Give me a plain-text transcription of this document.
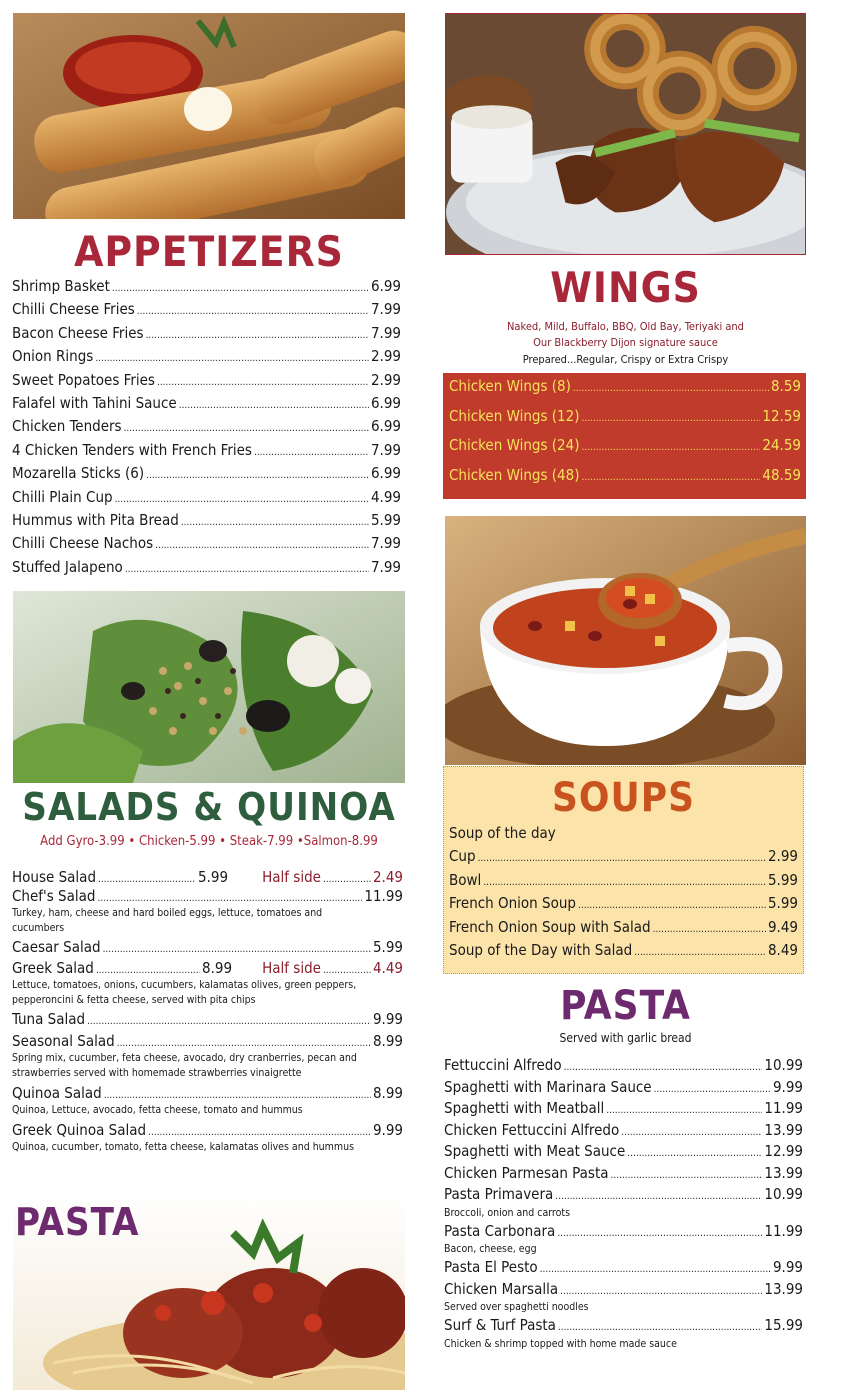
APPETIZERS
Shrimp Basket .....	6.99
Chilli Cheese Fries .....	7.99
Bacon Cheese Fries .....	7.99
Onion Rings .....	2.99
Sweet Popatoes Fries .....	2.99
Falafel with Tahini Sauce .....	6.99
Chicken Tenders .....	6.99
4 Chicken Tenders with French Fries .....	7.99
Mozarella Sticks (6) .....	6.99
Chilli Plain Cup .....	4.99
Hummus with Pita Bread .....	5.99
Chilli Cheese Nachos .....	7.99
Stuffed Jalapeno .....	7.99
SALADS & QUINOA

Add Gyro-3.99 • Chicken-5.99 • Steak-7.99 •Salmon-8.99

House Salad .....	5.99 Half side .....	2.49
Chef's Salad .....	11.99
Turkey, ham, cheese and hard boiled eggs, lettuce, tomatoes and cucumbers
Caesar Salad .....	5.99
Greek Salad .....	8.99 Half side .....	4.49
Lettuce, tomatoes, onions, cucumbers, kalamatas olives, green peppers, pepperoncini & fetta cheese, served with pita chips
Tuna Salad .....	9.99
Seasonal Salad .....	8.99
Spring mix, cucumber, feta cheese, avocado, dry cranberries, pecan and strawberries served with homemade strawberries vinaigrette
Quinoa Salad .....	8.99
Quinoa, Lettuce, avocado, fetta cheese, tomato and hummus
Greek Quinoa Salad .....	9.99
Quinoa, cucumber, tomato, fetta cheese, kalamatas olives and hummus
PASTA
WINGS

Naked, Mild, Buffalo, BBQ, Old Bay, Teriyaki and

Our Blackberry Dijon signature sauce

Prepared...Regular, Crispy or Extra Crispy

Chicken Wings (8) .....	8.59
Chicken Wings (12) .....	12.59
Chicken Wings (24) .....	24.59
Chicken Wings (48) .....	48.59
SOUPS
Soup of the day
Cup .....	2.99
Bowl .....	5.99
French Onion Soup .....	5.99
French Onion Soup with Salad .....	9.49
Soup of the Day with Salad .....	8.49
PASTA

Served with garlic bread

Fettuccini Alfredo .....	10.99
Spaghetti with Marinara Sauce .....	9.99
Spaghetti with Meatball .....	11.99
Chicken Fettuccini Alfredo .....	13.99
Spaghetti with Meat Sauce .....	12.99
Chicken Parmesan Pasta .....	13.99
Pasta Primavera .....	10.99
Broccoli, onion and carrots
Pasta Carbonara .....	11.99
Bacon, cheese, egg
Pasta El Pesto .....	9.99
Chicken Marsalla .....	13.99
Served over spaghetti noodles
Surf & Turf Pasta .....	15.99
Chicken & shrimp topped with home made sauce
